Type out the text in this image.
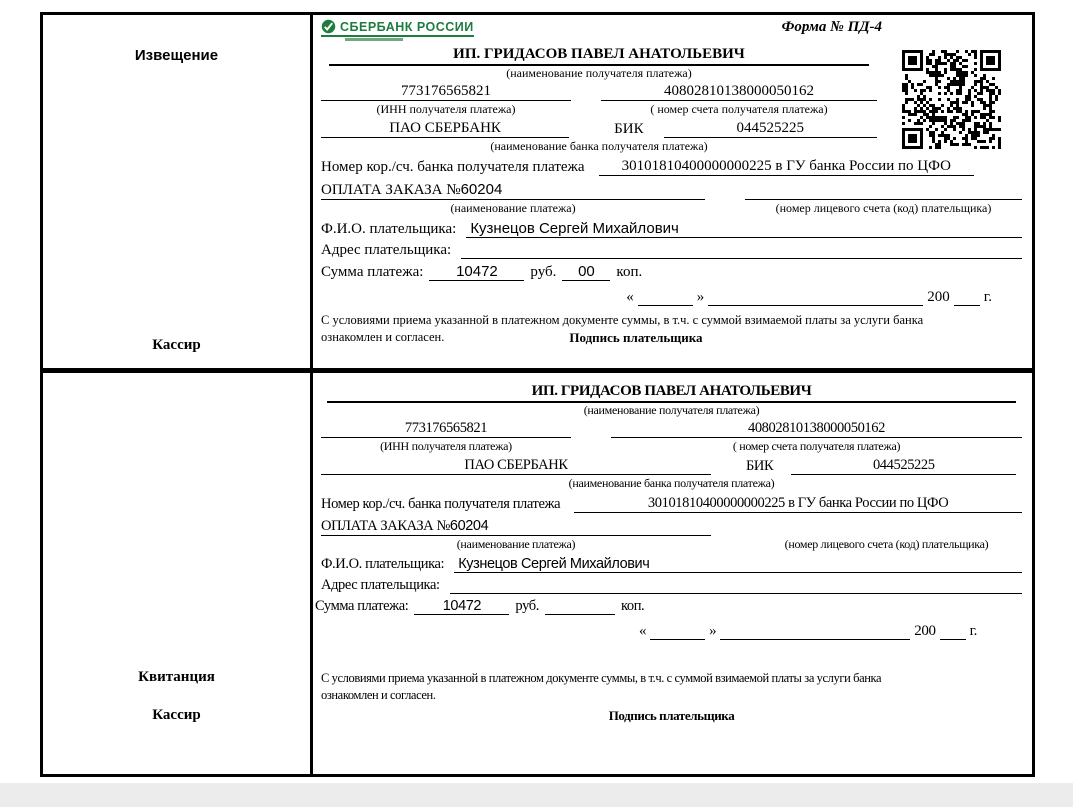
Извещение
Кассир
СБЕРБАНК РОССИИ	Форма № ПД-4
ИП. ГРИДАСОВ ПАВЕЛ АНАТОЛЬЕВИЧ
(наименование получателя платежа)
773176565821	40802810138000050162
(ИНН получателя платежа)	( номер счета получателя платежа)
ПАО СБЕРБАНК	БИК	044525225
(наименование банка получателя платежа)
Номер кор./сч. банка получателя платежа	30101810400000000225 в ГУ банка России по ЦФО
ОПЛАТА ЗАКАЗА №60204
(наименование платежа)	(номер лицевого счета (код) плательщика)
Ф.И.О. плательщика: Кузнецов Сергей Михайлович
Адрес плательщика:
Сумма платежа:	10472	руб.	00	коп.
«	»	200 г.
С условиями приема указанной в платежном документе суммы, в т.ч. с суммой взимаемой платы за услуги банка
ознакомлен и согласен.	Подпись плательщика
Квитанция
Кассир
ИП. ГРИДАСОВ ПАВЕЛ АНАТОЛЬЕВИЧ
(наименование получателя платежа)
773176565821	40802810138000050162
(ИНН получателя платежа)	( номер счета получателя платежа)
ПАО СБЕРБАНК	БИК	044525225
(наименование банка получателя платежа)
Номер кор./сч. банка получателя платежа	30101810400000000225 в ГУ банка России по ЦФО
ОПЛАТА ЗАКАЗА №60204
(наименование платежа)	(номер лицевого счета (код) плательщика)
Ф.И.О. плательщика: Кузнецов Сергей Михайлович
Адрес плательщика:
Сумма платежа:	10472	руб.	коп.
«	»	200 г.
С условиями приема указанной в платежном документе суммы, в т.ч. с суммой взимаемой платы за услуги банка
ознакомлен и согласен.
Подпись плательщика
